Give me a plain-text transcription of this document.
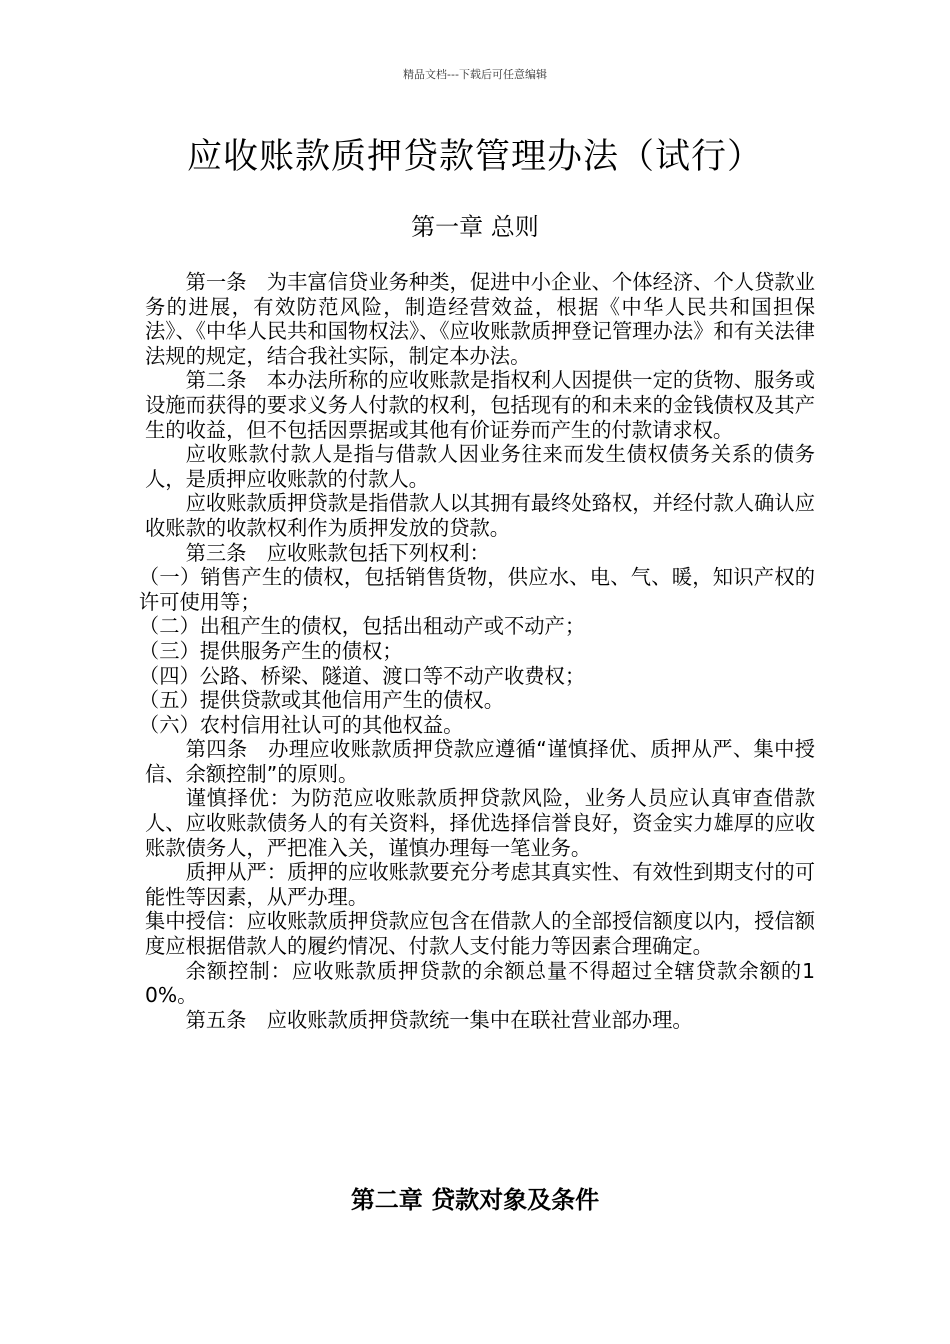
精品文档---下载后可任意编辑
应收账款质押贷款管理办法（试行）
第一章 总则

第一条　为丰富信贷业务种类，促进中小企业、个体经济、个人贷款业务的进展，有效防范风险，制造经营效益，根据《中华人民共和国担保法》、《中华人民共和国物权法》、《应收账款质押登记管理办法》和有关法律法规的规定，结合我社实际，制定本办法。

第二条　本办法所称的应收账款是指权利人因提供一定的货物、服务或设施而获得的要求义务人付款的权利，包括现有的和未来的金钱债权及其产生的收益，但不包括因票据或其他有价证券而产生的付款请求权。

应收账款付款人是指与借款人因业务往来而发生债权债务关系的债务人，是质押应收账款的付款人。

应收账款质押贷款是指借款人以其拥有最终处臵权，并经付款人确认应收账款的收款权利作为质押发放的贷款。

第三条　应收账款包括下列权利：

（一）销售产生的债权，包括销售货物，供应水、电、气、暖，知识产权的许可使用等；

（二）出租产生的债权，包括出租动产或不动产；

（三）提供服务产生的债权；

（四）公路、桥梁、隧道、渡口等不动产收费权；

（五）提供贷款或其他信用产生的债权。

（六）农村信用社认可的其他权益。

第四条　办理应收账款质押贷款应遵循“谨慎择优、质押从严、集中授信、余额控制”的原则。

谨慎择优：为防范应收账款质押贷款风险，业务人员应认真审查借款人、应收账款债务人的有关资料，择优选择信誉良好，资金实力雄厚的应收账款债务人，严把准入关，谨慎办理每一笔业务。

质押从严：质押的应收账款要充分考虑其真实性、有效性到期支付的可能性等因素，从严办理。

集中授信：应收账款质押贷款应包含在借款人的全部授信额度以内，授信额度应根据借款人的履约情况、付款人支付能力等因素合理确定。

余额控制：应收账款质押贷款的余额总量不得超过全辖贷款余额的10%。

第五条　应收账款质押贷款统一集中在联社营业部办理。

第二章 贷款对象及条件
